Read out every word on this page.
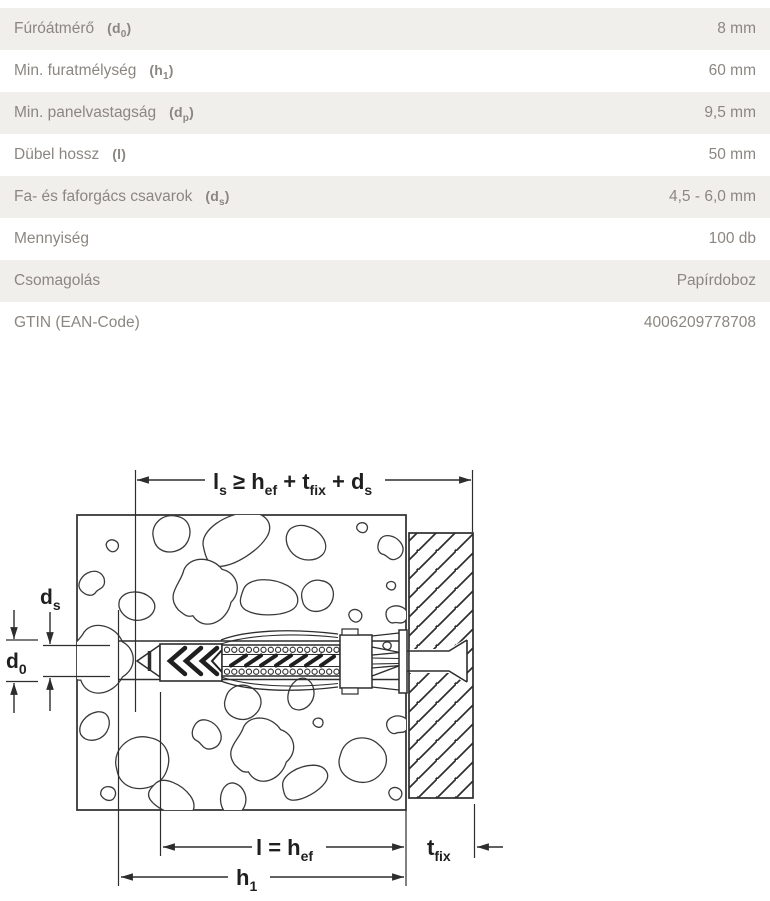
Fúróátmérő $(d_0)$	8 mm
Min. furatmélység $(h_1)$	60 mm
Min. panelvastagság $(d_p)$	9,5 mm
Dübel hossz (l)	50 mm
Fa- és faforgács csavarok $(d_s)$	4,5 - 6,0 mm
Mennyiség	100 db
Csomagolás	Papírdoboz
GTIN (EAN-Code)	4006209778708
$l_s \ge h_{ef} + t_{fix} + d_s$
$d_s$
$d_0$
$l = h_{ef}$
$h_1$
$t_{fix}$
